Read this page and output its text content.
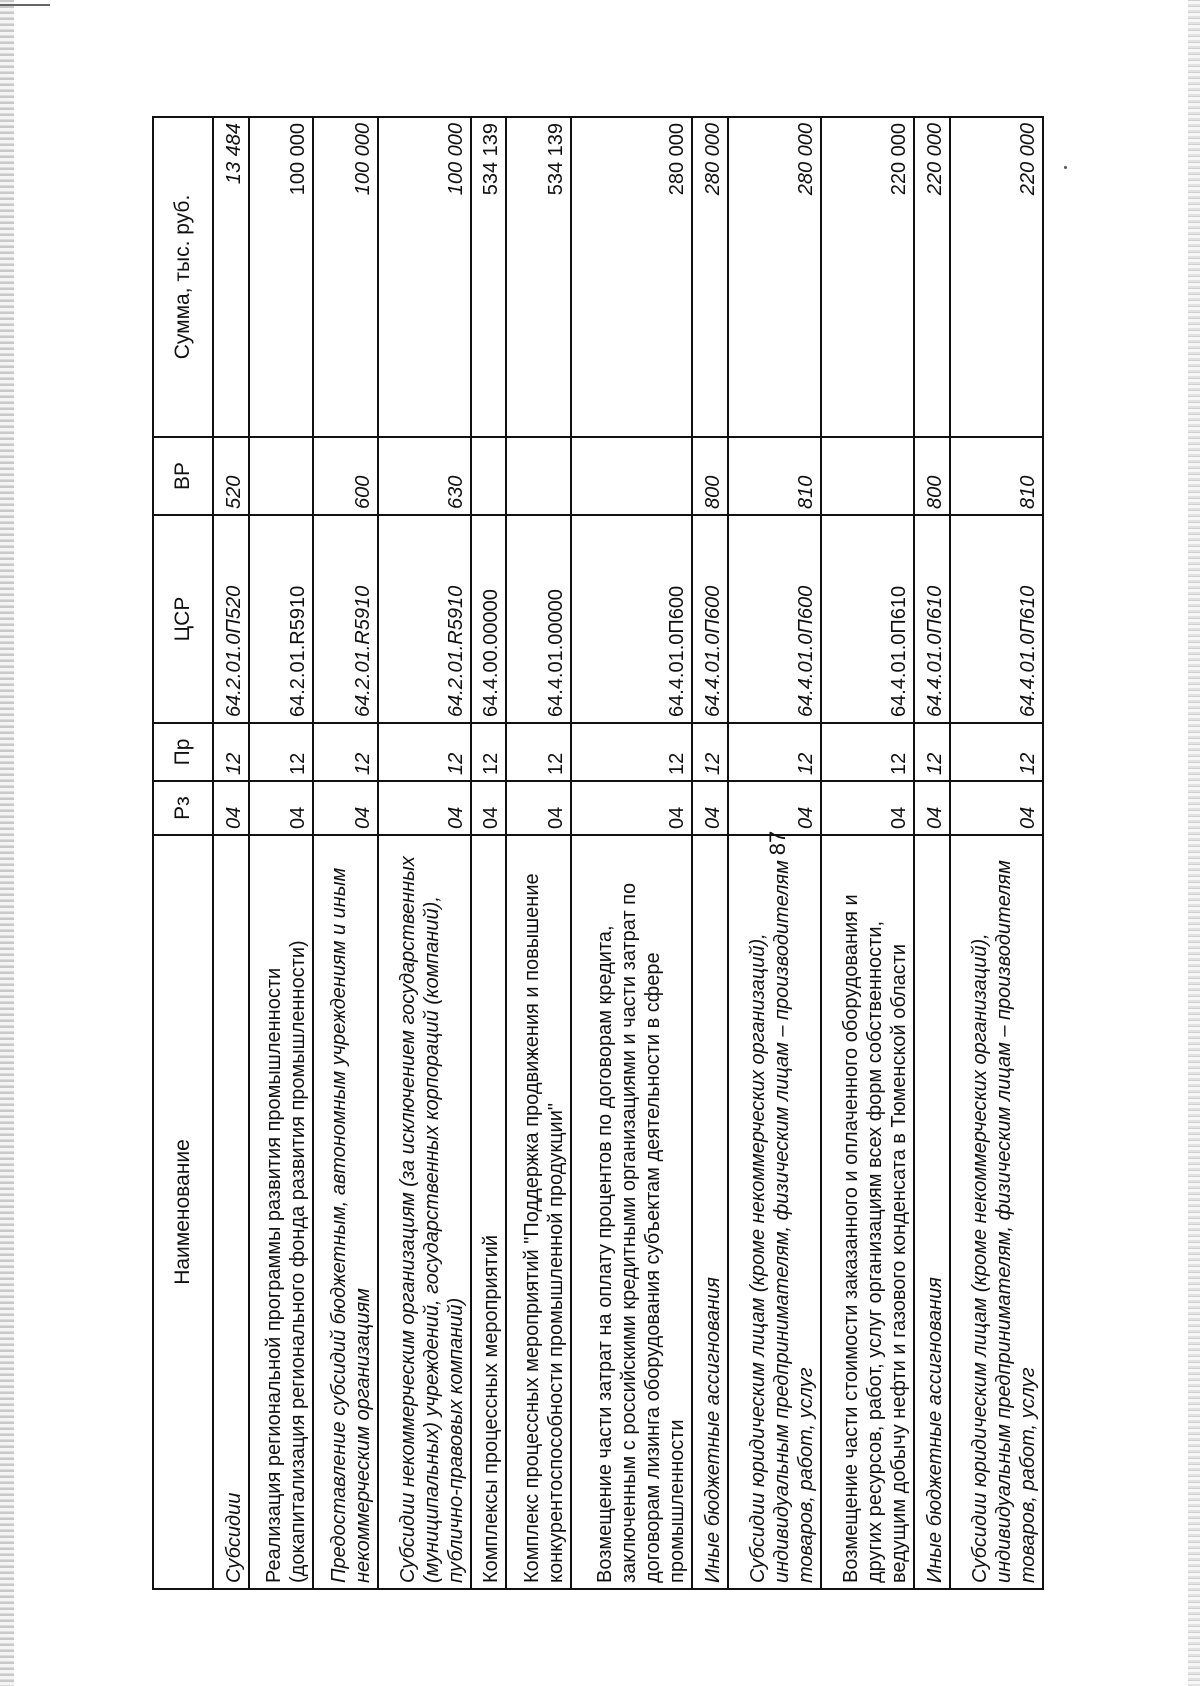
87
Наименование	Рз	Пр	ЦСР	ВР	Сумма, тыс. руб.
Субсидии	04	12	64.2.01.0П520	520	13 484
Реализация региональной программы развития промышленности (докапитализация регионального фонда развития промышленности)	04	12	64.2.01.R5910		100 000
Предоставление субсидий бюджетным, автономным учреждениям и иным некоммерческим организациям	04	12	64.2.01.R5910	600	100 000
Субсидии некоммерческим организациям (за исключением государственных (муниципальных) учреждений, государственных корпораций (компаний), публично-правовых компаний)	04	12	64.2.01.R5910	630	100 000
Комплексы процессных мероприятий	04	12	64.4.00.00000		534 139
Комплекс процессных мероприятий "Поддержка продвижения и повышение конкурентоспособности промышленной продукции"	04	12	64.4.01.00000		534 139
Возмещение части затрат на оплату процентов по договорам кредита, заключенным с российскими кредитными организациями и части затрат по договорам лизинга оборудования субъектам деятельности в сфере промышленности	04	12	64.4.01.0П600		280 000
Иные бюджетные ассигнования	04	12	64.4.01.0П600	800	280 000
Субсидии юридическим лицам (кроме некоммерческих организаций), индивидуальным предпринимателям, физическим лицам – производителям товаров, работ, услуг	04	12	64.4.01.0П600	810	280 000
Возмещение части стоимости заказанного и оплаченного оборудования и других ресурсов, работ, услуг организациям всех форм собственности, ведущим добычу нефти и газового конденсата в Тюменской области	04	12	64.4.01.0П610		220 000
Иные бюджетные ассигнования	04	12	64.4.01.0П610	800	220 000
Субсидии юридическим лицам (кроме некоммерческих организаций), индивидуальным предпринимателям, физическим лицам – производителям товаров, работ, услуг	04	12	64.4.01.0П610	810	220 000
